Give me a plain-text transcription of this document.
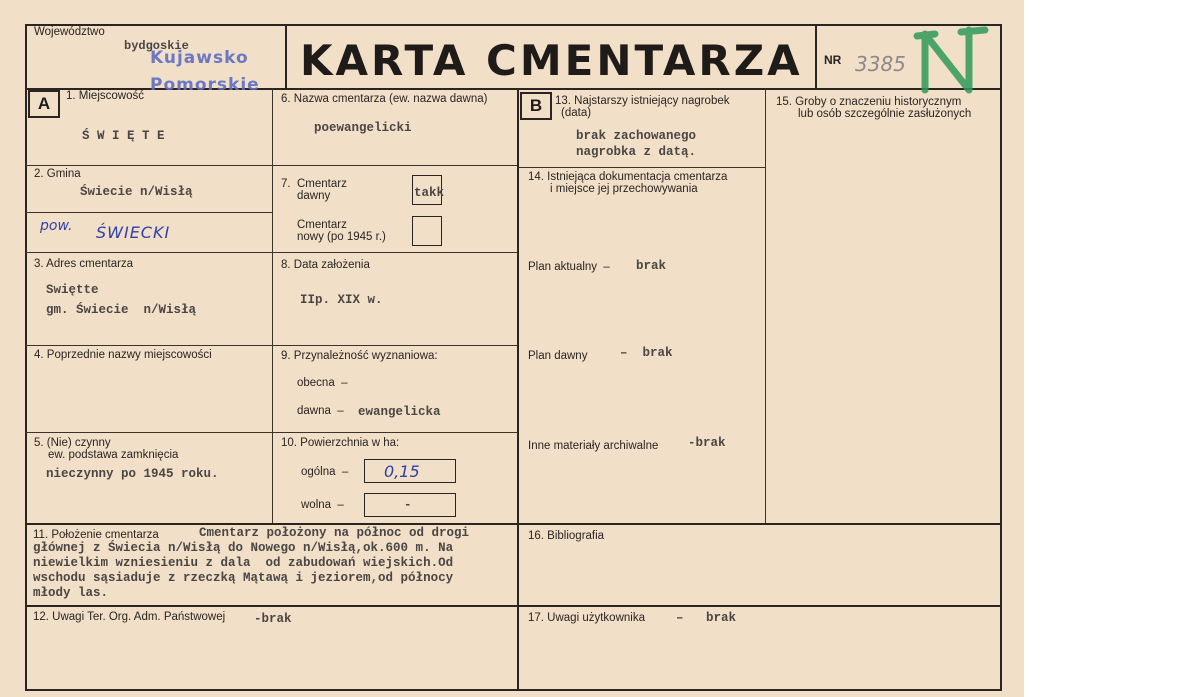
Województwo
bydgoskie
Kujawsko
Pomorskie KARTA CMENTARZA NR 3385
A	1. Miejscowość
Ś W I Ę T E
2. Gmina
Świecie n/Wisłą
pow. ŚWIECKI
3. Adres cmentarza
Swiętte
gm. Świecie  n/Wisłą
4. Poprzednie nazwy miejscowości
5. (Nie) czynny
ew. podstawa zamknięcia
nieczynny po 1945 roku.
6. Nazwa cmentarza (ew. nazwa dawna)
poewangelicki
7.  Cmentarz
dawny	takk
Cmentarz
nowy (po 1945 r.)
8. Data założenia
IIp. XIX w.
9. Przynależność wyznaniowa:
obecna  –
dawna  – ewangelicka
10. Powierzchnia w ha:
ogólna  – 0,15
wolna  –	-
B	13. Najstarszy istniejący nagrobek
(data)
brak zachowanego
nagrobka z datą.
14. Istniejąca dokumentacja cmentarza
i miejsce jej przechowywania
Plan aktualny  – brak
Plan dawny	–  brak
Inne materiały archiwalne -brak
15. Groby o znaczeniu historycznym
lub osób szczególnie zasłużonych
11. Położenie cmentarza	Cmentarz położony na północ od drogi
głównej z Świecia n/Wisłą do Nowego n/Wisłą,ok.600 m. Na
niewielkim wzniesieniu z dala  od zabudowań wiejskich.Od
wschodu sąsiaduje z rzeczką Mątawą i jeziorem,od północy
młody las.
16. Bibliografia
12. Uwagi Ter. Org. Adm. Państwowej -brak	17. Uwagi użytkownika –   brak
